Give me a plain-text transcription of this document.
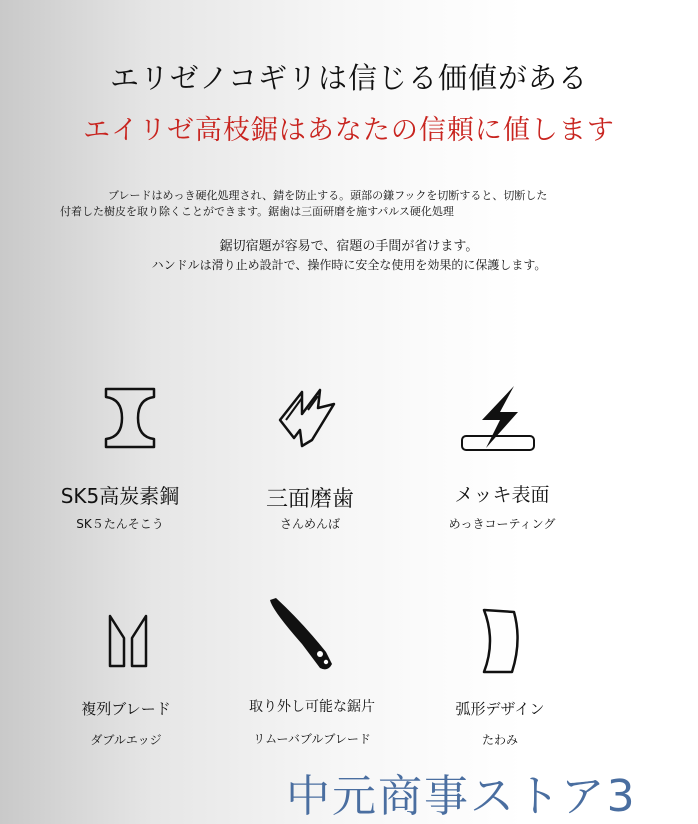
エリゼノコギリは信じる価値がある
エイリゼ高枝鋸はあなたの信頼に値します
ブレードはめっき硬化処理され、錆を防止する。頭部の鎌フックを切断すると、切断した
付着した樹皮を取り除くことができます。鋸歯は三面研磨を施すパルス硬化処理
鋸切宿題が容易で、宿題の手間が省けます。
ハンドルは滑り止め設計で、操作時に安全な使用を効果的に保護します。
SK5高炭素鋼
SK５たんそこう
三面磨歯
さんめんば
メッキ表面
めっきコーティング
複列ブレード
ダブルエッジ
取り外し可能な鋸片
リムーバブルブレード
弧形デザイン
たわみ
中元商事ストア3
